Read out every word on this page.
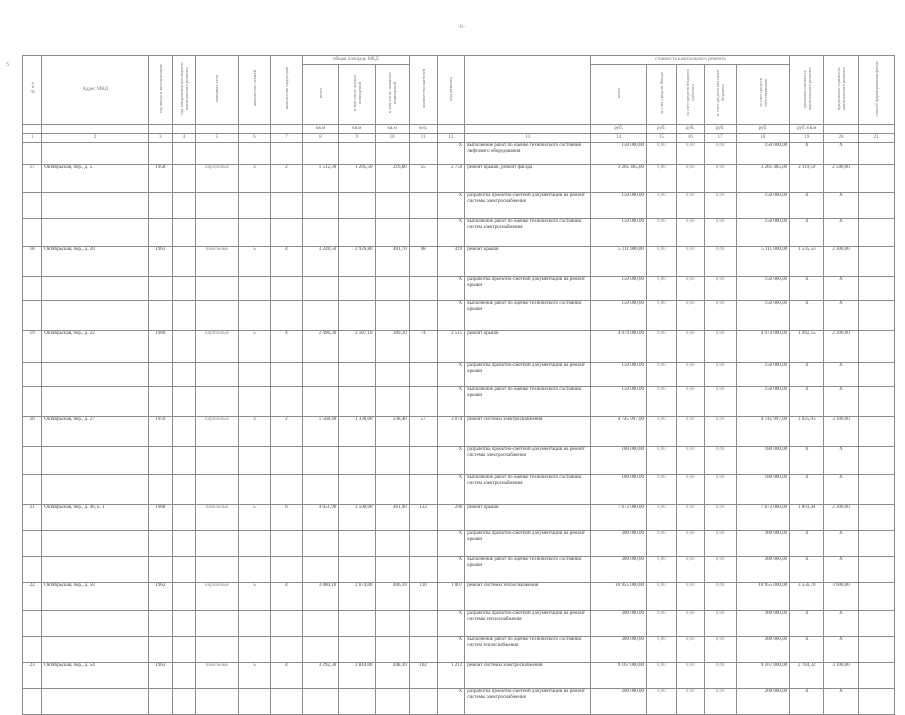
-6-
5
№ п/п	Адрес МКД	год ввода в эксплуатацию	год завершения последнего капитального ремонта	материал стен	количество этажей	количество подъездов	общая площадь МКД			количество жителей	вид ремонта		стоимость капитального ремонта					удельная стоимость капитального ремонта	предельная стоимость капитального ремонта	способ формирования фонда
							всего	в том числе жилых помещений	в том числе нежилых помещений				всего	за счет средств Фонда	за счет средств бюджета субъекта	за счет средств местного бюджета	за счет средств собственников			
							кв.м	кв.м	кв.м	чел.			руб.	руб.	руб.	руб.	руб.	руб./кв.м		
1	2	3	4	5	6	7	8	9	10	11	12	13	14	15	16	17	18	19	20	21
											X	выполнение работ по оценке технического состояния лифтового оборудования	150 000,00	0,00	0,00	0,00	150 000,00	X	X	
17	Октябрьская, пер., д. 5	1958		кирпичные	3	2	1 512,30	1 295,50	216,80	55	2 759	ремонт крыши, ремонт фасада	3 205 465,00	0,00	0,00	0,00	3 205 465,00	2 119,59	2 500,00	
											X	разработка проектно-сметной документации на ремонт системы электроснабжения	150 000,00	0,00	0,00	0,00	150 000,00	X	X	
											X	выполнение работ по оценке технического состояния систем электроснабжения	150 000,00	0,00	0,00	0,00	150 000,00	X	X	
18	Октябрьская, пер., д. 20	1961		панельные	5	4	3 328,50	2 926,80	401,70	98	419	ремонт крыши	5 111 000,00	0,00	0,00	0,00	5 111 000,00	1 535,53	2 300,00	
											X	разработка проектно-сметной документации на ремонт крыши	150 000,00	0,00	0,00	0,00	150 000,00	X	X	
											X	выполнение работ по оценке технического состояния крыши	150 000,00	0,00	0,00	0,00	150 000,00	X	X	
19	Октябрьская, пер., д. 22	1960		кирпичные	5	4	2 496,30	2 187,10	309,20	74	2 515	ремонт крыши	4 974 000,00	0,00	0,00	0,00	4 974 000,00	1 992,55	2 300,00	
											X	разработка проектно-сметной документации на ремонт крыши	150 000,00	0,00	0,00	0,00	150 000,00	X	X	
											X	выполнение работ по оценке технического состояния крыши	150 000,00	0,00	0,00	0,00	150 000,00	X	X	
20	Октябрьская, пер., д. 27	1959		кирпичные	3	2	1 568,40	1 330,00	238,40	57	3 074	ремонт системы электроснабжения	4 745 997,00	0,00	0,00	0,00	4 745 997,00	3 025,93	3 100,00	
											X	разработка проектно-сметной документации на ремонт системы электроснабжения	180 000,00	0,00	0,00	0,00	180 000,00	X	X	
											X	выполнение работ по оценке технического состояния систем электроснабжения	180 000,00	0,00	0,00	0,00	180 000,00	X	X	
21	Октябрьская, пер., д. 46, к. 1	1968		панельные	5	6	4 051,90	3 590,00	461,90	122	296	ремонт крыши	7 672 000,00	0,00	0,00	0,00	7 672 000,00	1 893,44	2 300,00	
											X	разработка проектно-сметной документации на ремонт крыши	300 000,00	0,00	0,00	0,00	300 000,00	X	X	
											X	выполнение работ по оценке технического состояния крыши	300 000,00	0,00	0,00	0,00	300 000,00	X	X	
22	Октябрьская, пер., д. 50	1962		кирпичные	5	4	3 080,10	2 674,00	406,10	110	1 007	ремонт системы теплоснабжения	10 955 000,00	0,00	0,00	0,00	10 955 000,00	3 556,70	3 600,00	
											X	разработка проектно-сметной документации на ремонт системы теплоснабжения	300 000,00	0,00	0,00	0,00	300 000,00	X	X	
											X	выполнение работ по оценке технического состояния систем теплоснабжения	300 000,00	0,00	0,00	0,00	300 000,00	X	X	
23	Октябрьская, пер., д. 54	1963		панельные	5	4	3 292,30	2 844,00	448,30	102	1 212	ремонт системы электроснабжения	9 167 000,00	0,00	0,00	0,00	9 167 000,00	2 784,32	3 100,00	
											X	разработка проектно-сметной документации на ремонт системы электроснабжения	200 000,00	0,00	0,00	0,00	200 000,00	X	X	
